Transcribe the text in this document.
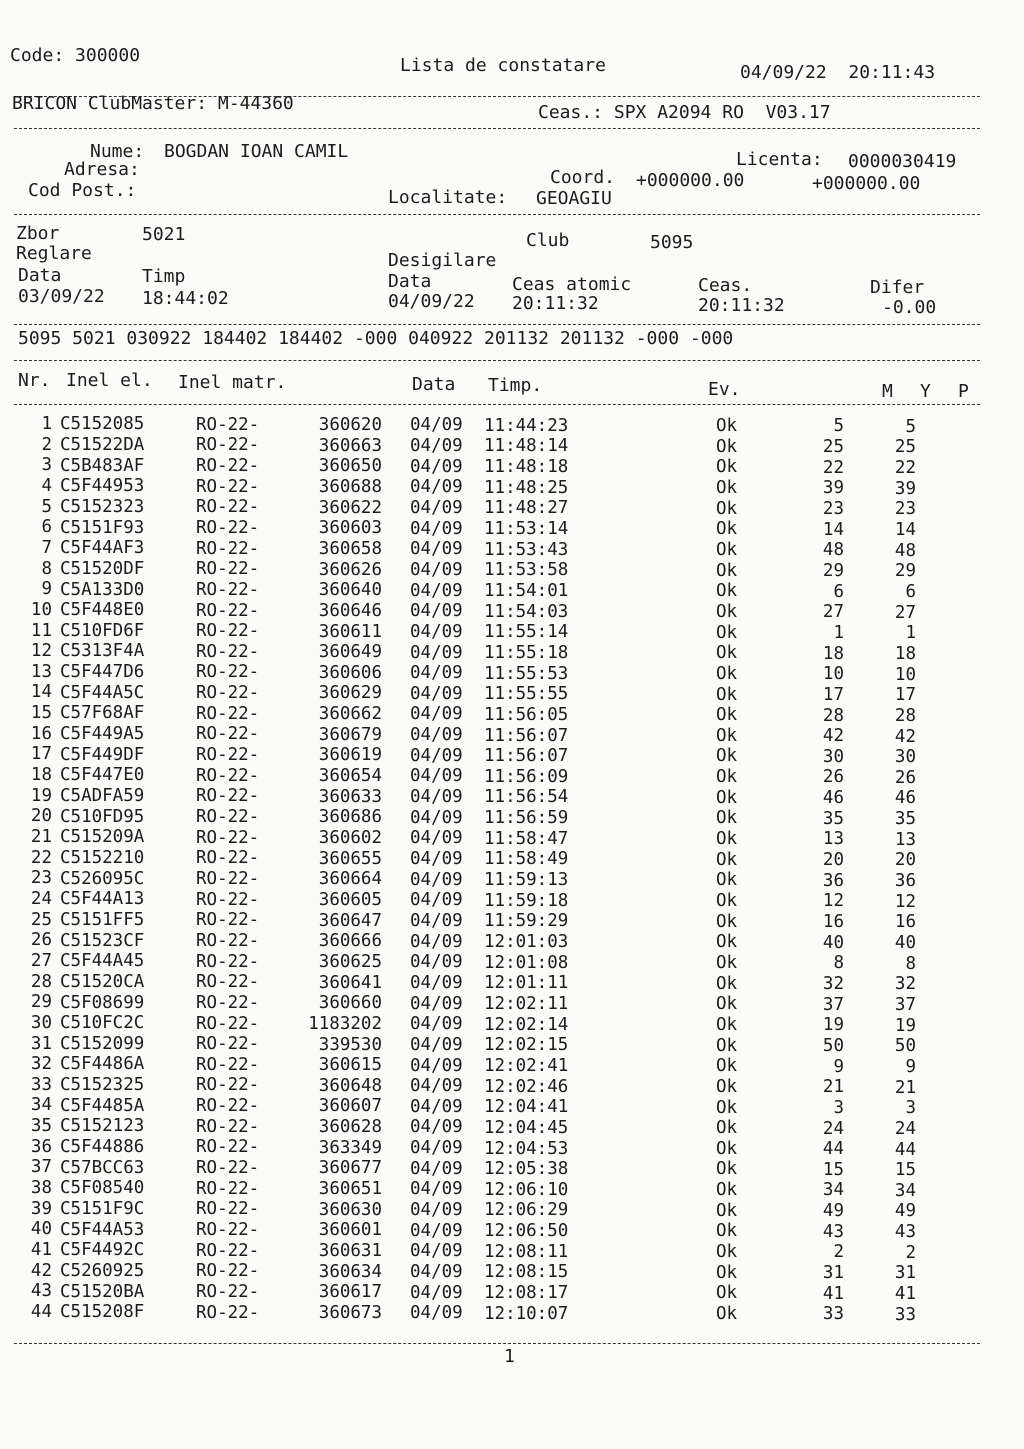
Code: 300000	Lista de constatare	04/09/22  20:11:43
BRICON ClubMaster: M-44360	Ceas.: SPX A2094 RO  V03.17
Nume: BOGDAN IOAN CAMIL	Licenta: 0000030419
Adresa:	Coord. +000000.00	+000000.00
Cod Post.:	Localitate: GEOAGIU
Zbor	5021	Club	5095
Reglare	Desigilare
Data	Timp	Data	Ceas atomic	Ceas.	Difer
03/09/22 18:44:02	04/09/22 20:11:32	20:11:32	-0.00
5095 5021 030922 184402 184402 -000 040922 201132 201132 -000 -000
Nr. Inel el. Inel matr.	Data Timp.	Ev.	M Y P
1 C5152085	RO-22-	360620 04/09	11:44:23	Ok	5	5
2 C51522DA	RO-22-	360663 04/09	11:48:14	Ok	25	25
3 C5B483AF	RO-22-	360650 04/09	11:48:18	Ok	22	22
4 C5F44953	RO-22-	360688 04/09	11:48:25	Ok	39	39
5 C5152323	RO-22-	360622 04/09	11:48:27	Ok	23	23
6 C5151F93	RO-22-	360603 04/09	11:53:14	Ok	14	14
7 C5F44AF3	RO-22-	360658 04/09	11:53:43	Ok	48	48
8 C51520DF	RO-22-	360626 04/09	11:53:58	Ok	29	29
9 C5A133D0	RO-22-	360640 04/09	11:54:01	Ok	6	6
10 C5F448E0	RO-22-	360646 04/09	11:54:03	Ok	27	27
11 C510FD6F	RO-22-	360611 04/09	11:55:14	Ok	1	1
12 C5313F4A	RO-22-	360649 04/09	11:55:18	Ok	18	18
13 C5F447D6	RO-22-	360606 04/09	11:55:53	Ok	10	10
14 C5F44A5C	RO-22-	360629 04/09	11:55:55	Ok	17	17
15 C57F68AF	RO-22-	360662 04/09	11:56:05	Ok	28	28
16 C5F449A5	RO-22-	360679 04/09	11:56:07	Ok	42	42
17 C5F449DF	RO-22-	360619 04/09	11:56:07	Ok	30	30
18 C5F447E0	RO-22-	360654 04/09	11:56:09	Ok	26	26
19 C5ADFA59	RO-22-	360633 04/09	11:56:54	Ok	46	46
20 C510FD95	RO-22-	360686 04/09	11:56:59	Ok	35	35
21 C515209A	RO-22-	360602 04/09	11:58:47	Ok	13	13
22 C5152210	RO-22-	360655 04/09	11:58:49	Ok	20	20
23 C526095C	RO-22-	360664 04/09	11:59:13	Ok	36	36
24 C5F44A13	RO-22-	360605 04/09	11:59:18	Ok	12	12
25 C5151FF5	RO-22-	360647 04/09	11:59:29	Ok	16	16
26 C51523CF	RO-22-	360666 04/09	12:01:03	Ok	40	40
27 C5F44A45	RO-22-	360625 04/09	12:01:08	Ok	8	8
28 C51520CA	RO-22-	360641 04/09	12:01:11	Ok	32	32
29 C5F08699	RO-22-	360660 04/09	12:02:11	Ok	37	37
30 C510FC2C	RO-22-	1183202 04/09	12:02:14	Ok	19	19
31 C5152099	RO-22-	339530 04/09	12:02:15	Ok	50	50
32 C5F4486A	RO-22-	360615 04/09	12:02:41	Ok	9	9
33 C5152325	RO-22-	360648 04/09	12:02:46	Ok	21	21
34 C5F4485A	RO-22-	360607 04/09	12:04:41	Ok	3	3
35 C5152123	RO-22-	360628 04/09	12:04:45	Ok	24	24
36 C5F44886	RO-22-	363349 04/09	12:04:53	Ok	44	44
37 C57BCC63	RO-22-	360677 04/09	12:05:38	Ok	15	15
38 C5F08540	RO-22-	360651 04/09	12:06:10	Ok	34	34
39 C5151F9C	RO-22-	360630 04/09	12:06:29	Ok	49	49
40 C5F44A53	RO-22-	360601 04/09	12:06:50	Ok	43	43
41 C5F4492C	RO-22-	360631 04/09	12:08:11	Ok	2	2
42 C5260925	RO-22-	360634 04/09	12:08:15	Ok	31	31
43 C51520BA	RO-22-	360617 04/09	12:08:17	Ok	41	41
44 C515208F	RO-22-	360673 04/09	12:10:07	Ok	33	33
1
